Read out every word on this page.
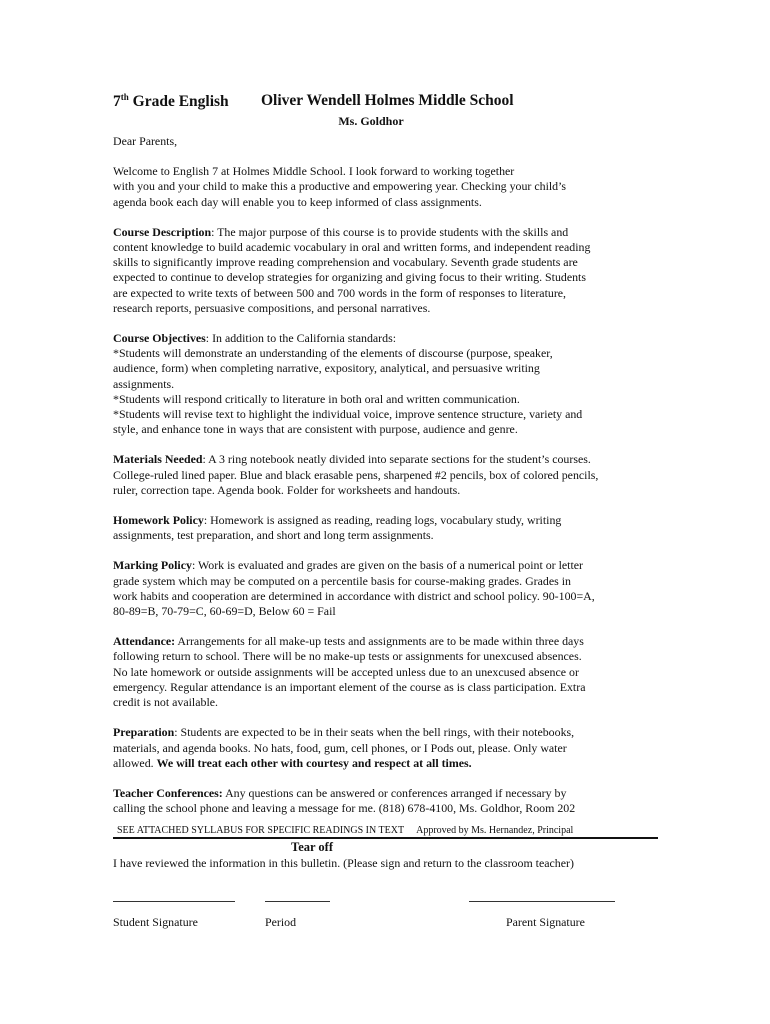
7th Grade English Oliver Wendell Holmes Middle School
Ms. Goldhor

Dear Parents,

Welcome to English 7 at Holmes Middle School. I look forward to working together
with you and your child to make this a productive and empowering year. Checking your child’s
agenda book each day will enable you to keep informed of class assignments.

Course Description: The major purpose of this course is to provide students with the skills and
content knowledge to build academic vocabulary in oral and written forms, and independent reading
skills to significantly improve reading comprehension and vocabulary. Seventh grade students are
expected to continue to develop strategies for organizing and giving focus to their writing. Students
are expected to write texts of between 500 and 700 words in the form of responses to literature,
research reports, persuasive compositions, and personal narratives.

Course Objectives: In addition to the California standards:
*Students will demonstrate an understanding of the elements of discourse (purpose, speaker,
audience, form) when completing narrative, expository, analytical, and persuasive writing
assignments.
*Students will respond critically to literature in both oral and written communication.
*Students will revise text to highlight the individual voice, improve sentence structure, variety and
style, and enhance tone in ways that are consistent with purpose, audience and genre.

Materials Needed: A 3 ring notebook neatly divided into separate sections for the student’s courses.
College-ruled lined paper. Blue and black erasable pens, sharpened #2 pencils, box of colored pencils,
ruler, correction tape. Agenda book. Folder for worksheets and handouts.

Homework Policy: Homework is assigned as reading, reading logs, vocabulary study, writing
assignments, test preparation, and short and long term assignments.

Marking Policy: Work is evaluated and grades are given on the basis of a numerical point or letter
grade system which may be computed on a percentile basis for course-making grades. Grades in
work habits and cooperation are determined in accordance with district and school policy. 90-100=A,
80-89=B, 70-79=C, 60-69=D, Below 60 = Fail

Attendance: Arrangements for all make-up tests and assignments are to be made within three days
following return to school. There will be no make-up tests or assignments for unexcused absences.
No late homework or outside assignments will be accepted unless due to an unexcused absence or
emergency. Regular attendance is an important element of the course as is class participation. Extra
credit is not available.

Preparation: Students are expected to be in their seats when the bell rings, with their notebooks,
materials, and agenda books. No hats, food, gum, cell phones, or I Pods out, please. Only water
allowed. We will treat each other with courtesy and respect at all times.

Teacher Conferences: Any questions can be answered or conferences arranged if necessary by
calling the school phone and leaving a message for me. (818) 678-4100, Ms. Goldhor, Room 202

SEE ATTACHED SYLLABUS FOR SPECIFIC READINGS IN TEXT Approved by Ms. Hernandez, Principal
Tear off
I have reviewed the information in this bulletin. (Please sign and return to the classroom teacher)
Student Signature	Period	Parent Signature
